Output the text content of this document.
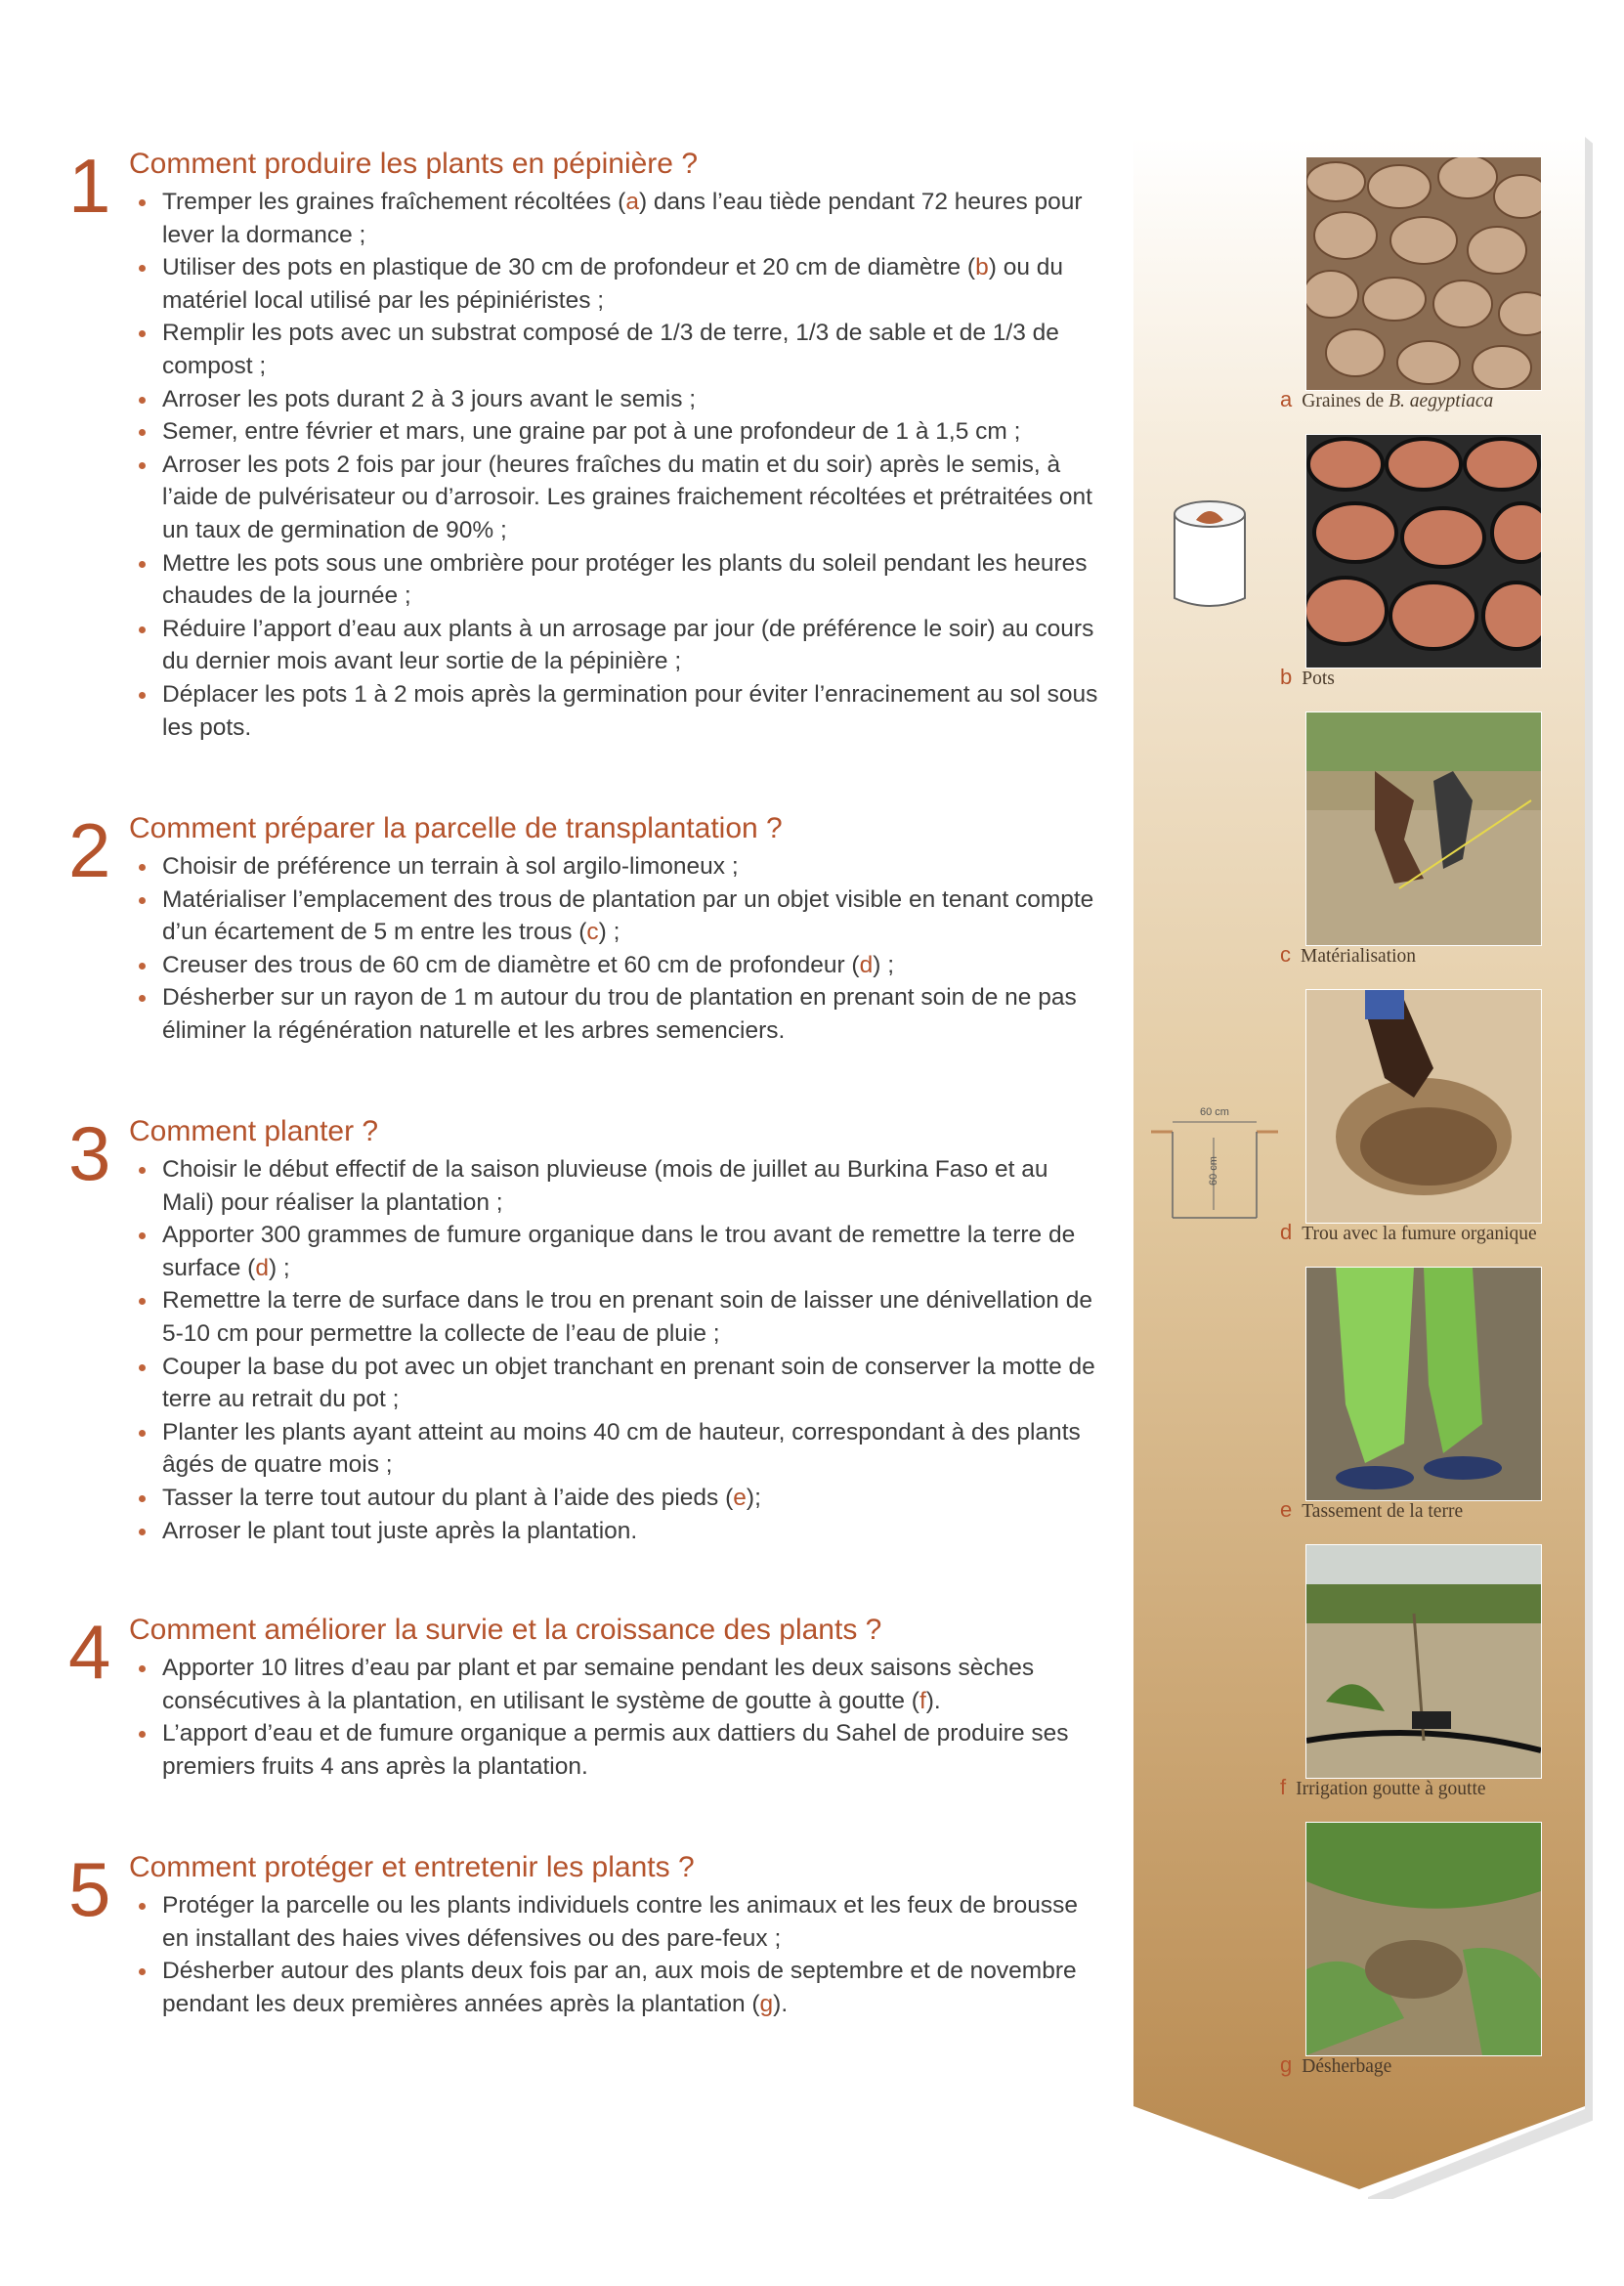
a Graines de B. aegyptiaca
b Pots
c Matérialisation
d Trou avec la fumure organique
e Tassement de la terre
f Irrigation goutte à goutte
g Désherbage
60 cm
60 cm
1 Comment produire les plants en pépinière ?
Tremper les graines fraîchement récoltées (a) dans l’eau tiède pendant 72 heures pour lever la dormance ;
Utiliser des pots en plastique de 30 cm de profondeur et 20 cm de diamètre (b) ou du matériel local utilisé par les pépiniéristes ;
Remplir les pots avec un substrat composé de 1/3 de terre, 1/3 de sable et de 1/3 de compost ;
Arroser les pots durant 2 à 3 jours avant le semis ;
Semer, entre février et mars, une graine par pot à une profondeur de 1 à 1,5 cm ;
Arroser les pots 2 fois par jour (heures fraîches du matin et du soir) après le semis, à l’aide de pulvérisateur ou d’arrosoir. Les graines fraichement récoltées et prétraitées ont un taux de germination de 90% ;
Mettre les pots sous une ombrière pour protéger les plants du soleil pendant les heures chaudes de la journée ;
Réduire l’apport d’eau aux plants à un arrosage par jour (de préférence le soir) au cours du dernier mois avant leur sortie de la pépinière ;
Déplacer les pots 1 à 2 mois après la germination pour éviter l’enracinement au sol sous les pots.
2 Comment préparer la parcelle de transplantation ?
Choisir de préférence un terrain à sol argilo-limoneux ;
Matérialiser l’emplacement des trous de plantation par un objet visible en tenant compte d’un écartement de 5 m entre les trous (c) ;
Creuser des trous de 60 cm de diamètre et 60 cm de profondeur (d) ;
Désherber sur un rayon de 1 m autour du trou de plantation en prenant soin de ne pas éliminer la régénération naturelle et les arbres semenciers.
3 Comment planter ?
Choisir le début effectif de la saison pluvieuse (mois de juillet au Burkina Faso et au Mali) pour réaliser la plantation ;
Apporter 300 grammes de fumure organique dans le trou avant de remettre la terre de surface (d) ;
Remettre la terre de surface dans le trou en prenant soin de laisser une dénivellation de 5-10 cm pour permettre la collecte de l’eau de pluie ;
Couper la base du pot avec un objet tranchant en prenant soin de conserver la motte de terre au retrait du pot ;
Planter les plants ayant atteint au moins 40 cm de hauteur, correspondant à des plants âgés de quatre mois ;
Tasser la terre tout autour du plant à l’aide des pieds (e);
Arroser le plant tout juste après la plantation.
4 Comment améliorer la survie et la croissance des plants ?
Apporter 10 litres d’eau par plant et par semaine pendant les deux saisons sèches consécutives à la plantation, en utilisant le système de goutte à goutte (f).
L’apport d’eau et de fumure organique a permis aux dattiers du Sahel de produire ses premiers fruits 4 ans après la plantation.
5 Comment protéger et entretenir les plants ?
Protéger la parcelle ou les plants individuels contre les animaux et les feux de brousse en installant des haies vives défensives ou des pare-feux ;
Désherber autour des plants deux fois par an, aux mois de septembre et de novembre pendant les deux premières années après la plantation (g).
